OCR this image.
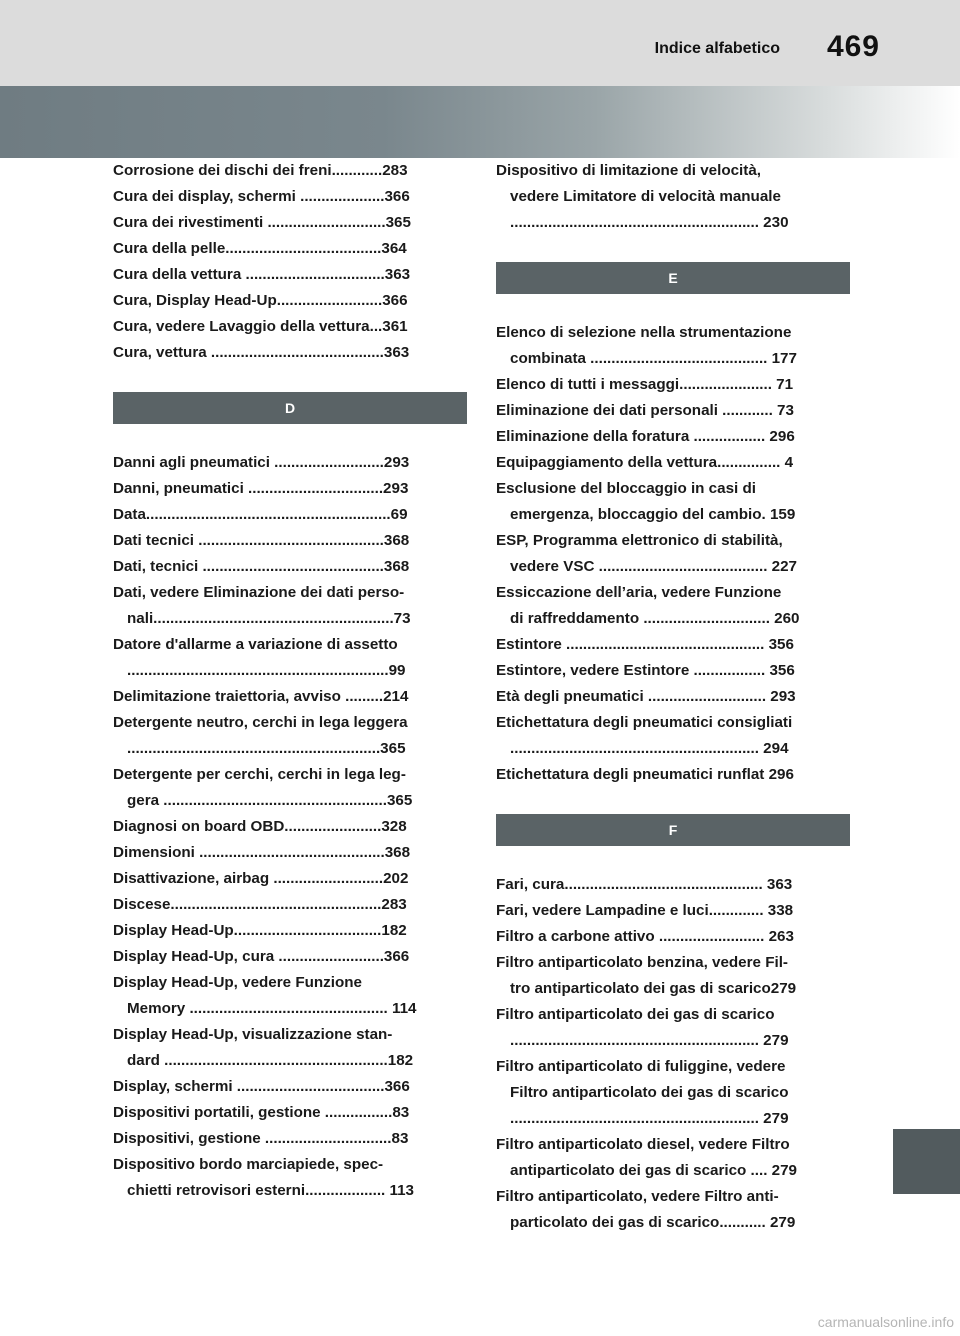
Indice alfabetico 469
Corrosione dei dischi dei freni............283
Cura dei display, schermi ....................366
Cura dei rivestimenti ............................365
Cura della pelle.....................................364
Cura della vettura .................................363
Cura, Display Head-Up.........................366
Cura, vedere Lavaggio della vettura...361
Cura, vettura .........................................363
D
Danni agli pneumatici ..........................293
Danni, pneumatici ................................293
Data..........................................................69
Dati tecnici ............................................368
Dati, tecnici ...........................................368
Dati, vedere Eliminazione dei dati perso-
nali.........................................................73
Datore d'allarme a variazione di assetto
..............................................................99
Delimitazione traiettoria, avviso .........214
Detergente neutro, cerchi in lega leggera
............................................................365
Detergente per cerchi, cerchi in lega leg-
gera .....................................................365
Diagnosi on board OBD.......................328
Dimensioni ............................................368
Disattivazione, airbag ..........................202
Discese..................................................283
Display Head-Up...................................182
Display Head-Up, cura .........................366
Display Head-Up, vedere Funzione
Memory ............................................... 114
Display Head-Up, visualizzazione stan-
dard .....................................................182
Display, schermi ...................................366
Dispositivi portatili, gestione ................83
Dispositivi, gestione ..............................83
Dispositivo bordo marciapiede, spec-
chietti retrovisori esterni................... 113
Dispositivo di limitazione di velocità,
vedere Limitatore di velocità manuale
........................................................... 230
E
Elenco di selezione nella strumentazione
combinata .......................................... 177
Elenco di tutti i messaggi...................... 71
Eliminazione dei dati personali ............ 73
Eliminazione della foratura ................. 296
Equipaggiamento della vettura............... 4
Esclusione del bloccaggio in casi di
emergenza, bloccaggio del cambio. 159
ESP, Programma elettronico di stabilità,
vedere VSC ........................................ 227
Essiccazione dell’aria, vedere Funzione
di raffreddamento .............................. 260
Estintore ............................................... 356
Estintore, vedere Estintore ................. 356
Età degli pneumatici ............................ 293
Etichettatura degli pneumatici consigliati
........................................................... 294
Etichettatura degli pneumatici runflat 296
F
Fari, cura............................................... 363
Fari, vedere Lampadine e luci............. 338
Filtro a carbone attivo ......................... 263
Filtro antiparticolato benzina, vedere Fil-
tro antiparticolato dei gas di scarico279
Filtro antiparticolato dei gas di scarico
........................................................... 279
Filtro antiparticolato di fuliggine, vedere
Filtro antiparticolato dei gas di scarico
........................................................... 279
Filtro antiparticolato diesel, vedere Filtro
antiparticolato dei gas di scarico .... 279
Filtro antiparticolato, vedere Filtro anti-
particolato dei gas di scarico........... 279
carmanualsonline.info
